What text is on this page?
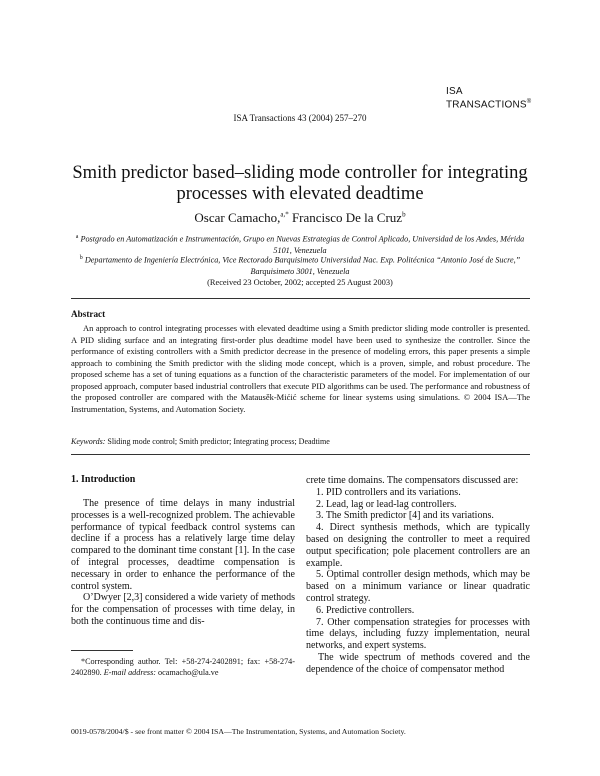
ISA
TRANSACTIONS®
ISA Transactions 43 (2004) 257–270
Smith predictor based–sliding mode controller for integrating processes with elevated deadtime
Oscar Camacho,$^{a,*}$ Francisco De la Cruz$^b$
$^a$ Postgrado en Automatización e Instrumentación, Grupo en Nuevas Estrategias de Control Aplicado, Universidad de los Andes, Mérida 5101, Venezuela
$^b$ Departamento de Ingeniería Electrónica, Vice Rectorado Barquisimeto Universidad Nac. Exp. Politécnica “Antonio José de Sucre,” Barquisimeto 3001, Venezuela
(Received 23 October, 2002; accepted 25 August 2003)
Abstract
An approach to control integrating processes with elevated deadtime using a Smith predictor sliding mode controller is presented. A PID sliding surface and an integrating first-order plus deadtime model have been used to synthesize the controller. Since the performance of existing controllers with a Smith predictor decrease in the presence of modeling errors, this paper presents a simple approach to combining the Smith predictor with the sliding mode concept, which is a proven, simple, and robust procedure. The proposed scheme has a set of tuning equations as a function of the characteristic parameters of the model. For implementation of our proposed approach, computer based industrial controllers that execute PID algorithms can be used. The performance and robustness of the proposed controller are compared with the Matausěk-Mićić scheme for linear systems using simulations. © 2004 ISA—The Instrumentation, Systems, and Automation Society.
Keywords: Sliding mode control; Smith predictor; Integrating process; Deadtime
1. Introduction

The presence of time delays in many industrial processes is a well-recognized problem. The achievable performance of typical feedback control systems can decline if a process has a relatively large time delay compared to the dominant time constant [1]. In the case of integral processes, deadtime compensation is necessary in order to enhance the performance of the control system.

O’Dwyer [2,3] considered a wide variety of methods for the compensation of processes with time delay, in both the continuous time and dis-

crete time domains. The compensators discussed are:

1. PID controllers and its variations.

2. Lead, lag or lead-lag controllers.

3. The Smith predictor [4] and its variations.

4. Direct synthesis methods, which are typically based on designing the controller to meet a required output specification; pole placement controllers are an example.

5. Optimal controller design methods, which may be based on a minimum variance or linear quadratic control strategy.

6. Predictive controllers.

7. Other compensation strategies for processes with time delays, including fuzzy implementation, neural networks, and expert systems.

The wide spectrum of methods covered and the dependence of the choice of compensator method

*Corresponding author. Tel: +58-274-2402891; fax: +58-274-2402890. E-mail address: ocamacho@ula.ve
0019-0578/2004/$ - see front matter © 2004 ISA—The Instrumentation, Systems, and Automation Society.
